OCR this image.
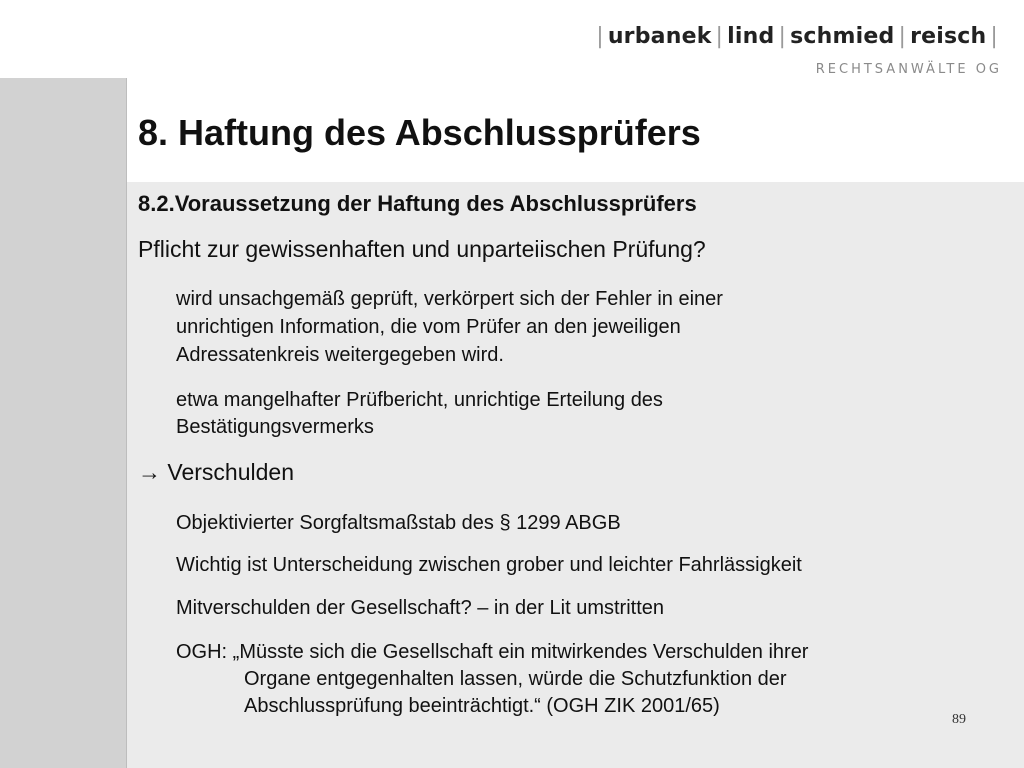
| urbanek | lind | schmied | reisch |
RECHTSANWÄLTE OG
8. Haftung des Abschlussprüfers
8.2.Voraussetzung der Haftung des Abschlussprüfers
Pflicht zur gewissenhaften und unparteiischen Prüfung?
wird unsachgemäß geprüft, verkörpert sich der Fehler in einer
unrichtigen Information, die vom Prüfer an den jeweiligen
Adressatenkreis weitergegeben wird.
etwa mangelhafter Prüfbericht, unrichtige Erteilung des
Bestätigungsvermerks
→ Verschulden
Objektivierter Sorgfaltsmaßstab des § 1299 ABGB
Wichtig ist Unterscheidung zwischen grober und leichter Fahrlässigkeit
Mitverschulden der Gesellschaft? – in der Lit umstritten
OGH: „Müsste sich die Gesellschaft ein mitwirkendes Verschulden ihrer
Organe entgegenhalten lassen, würde die Schutzfunktion der
Abschlussprüfung beeinträchtigt.“ (OGH ZIK 2001/65)
89
